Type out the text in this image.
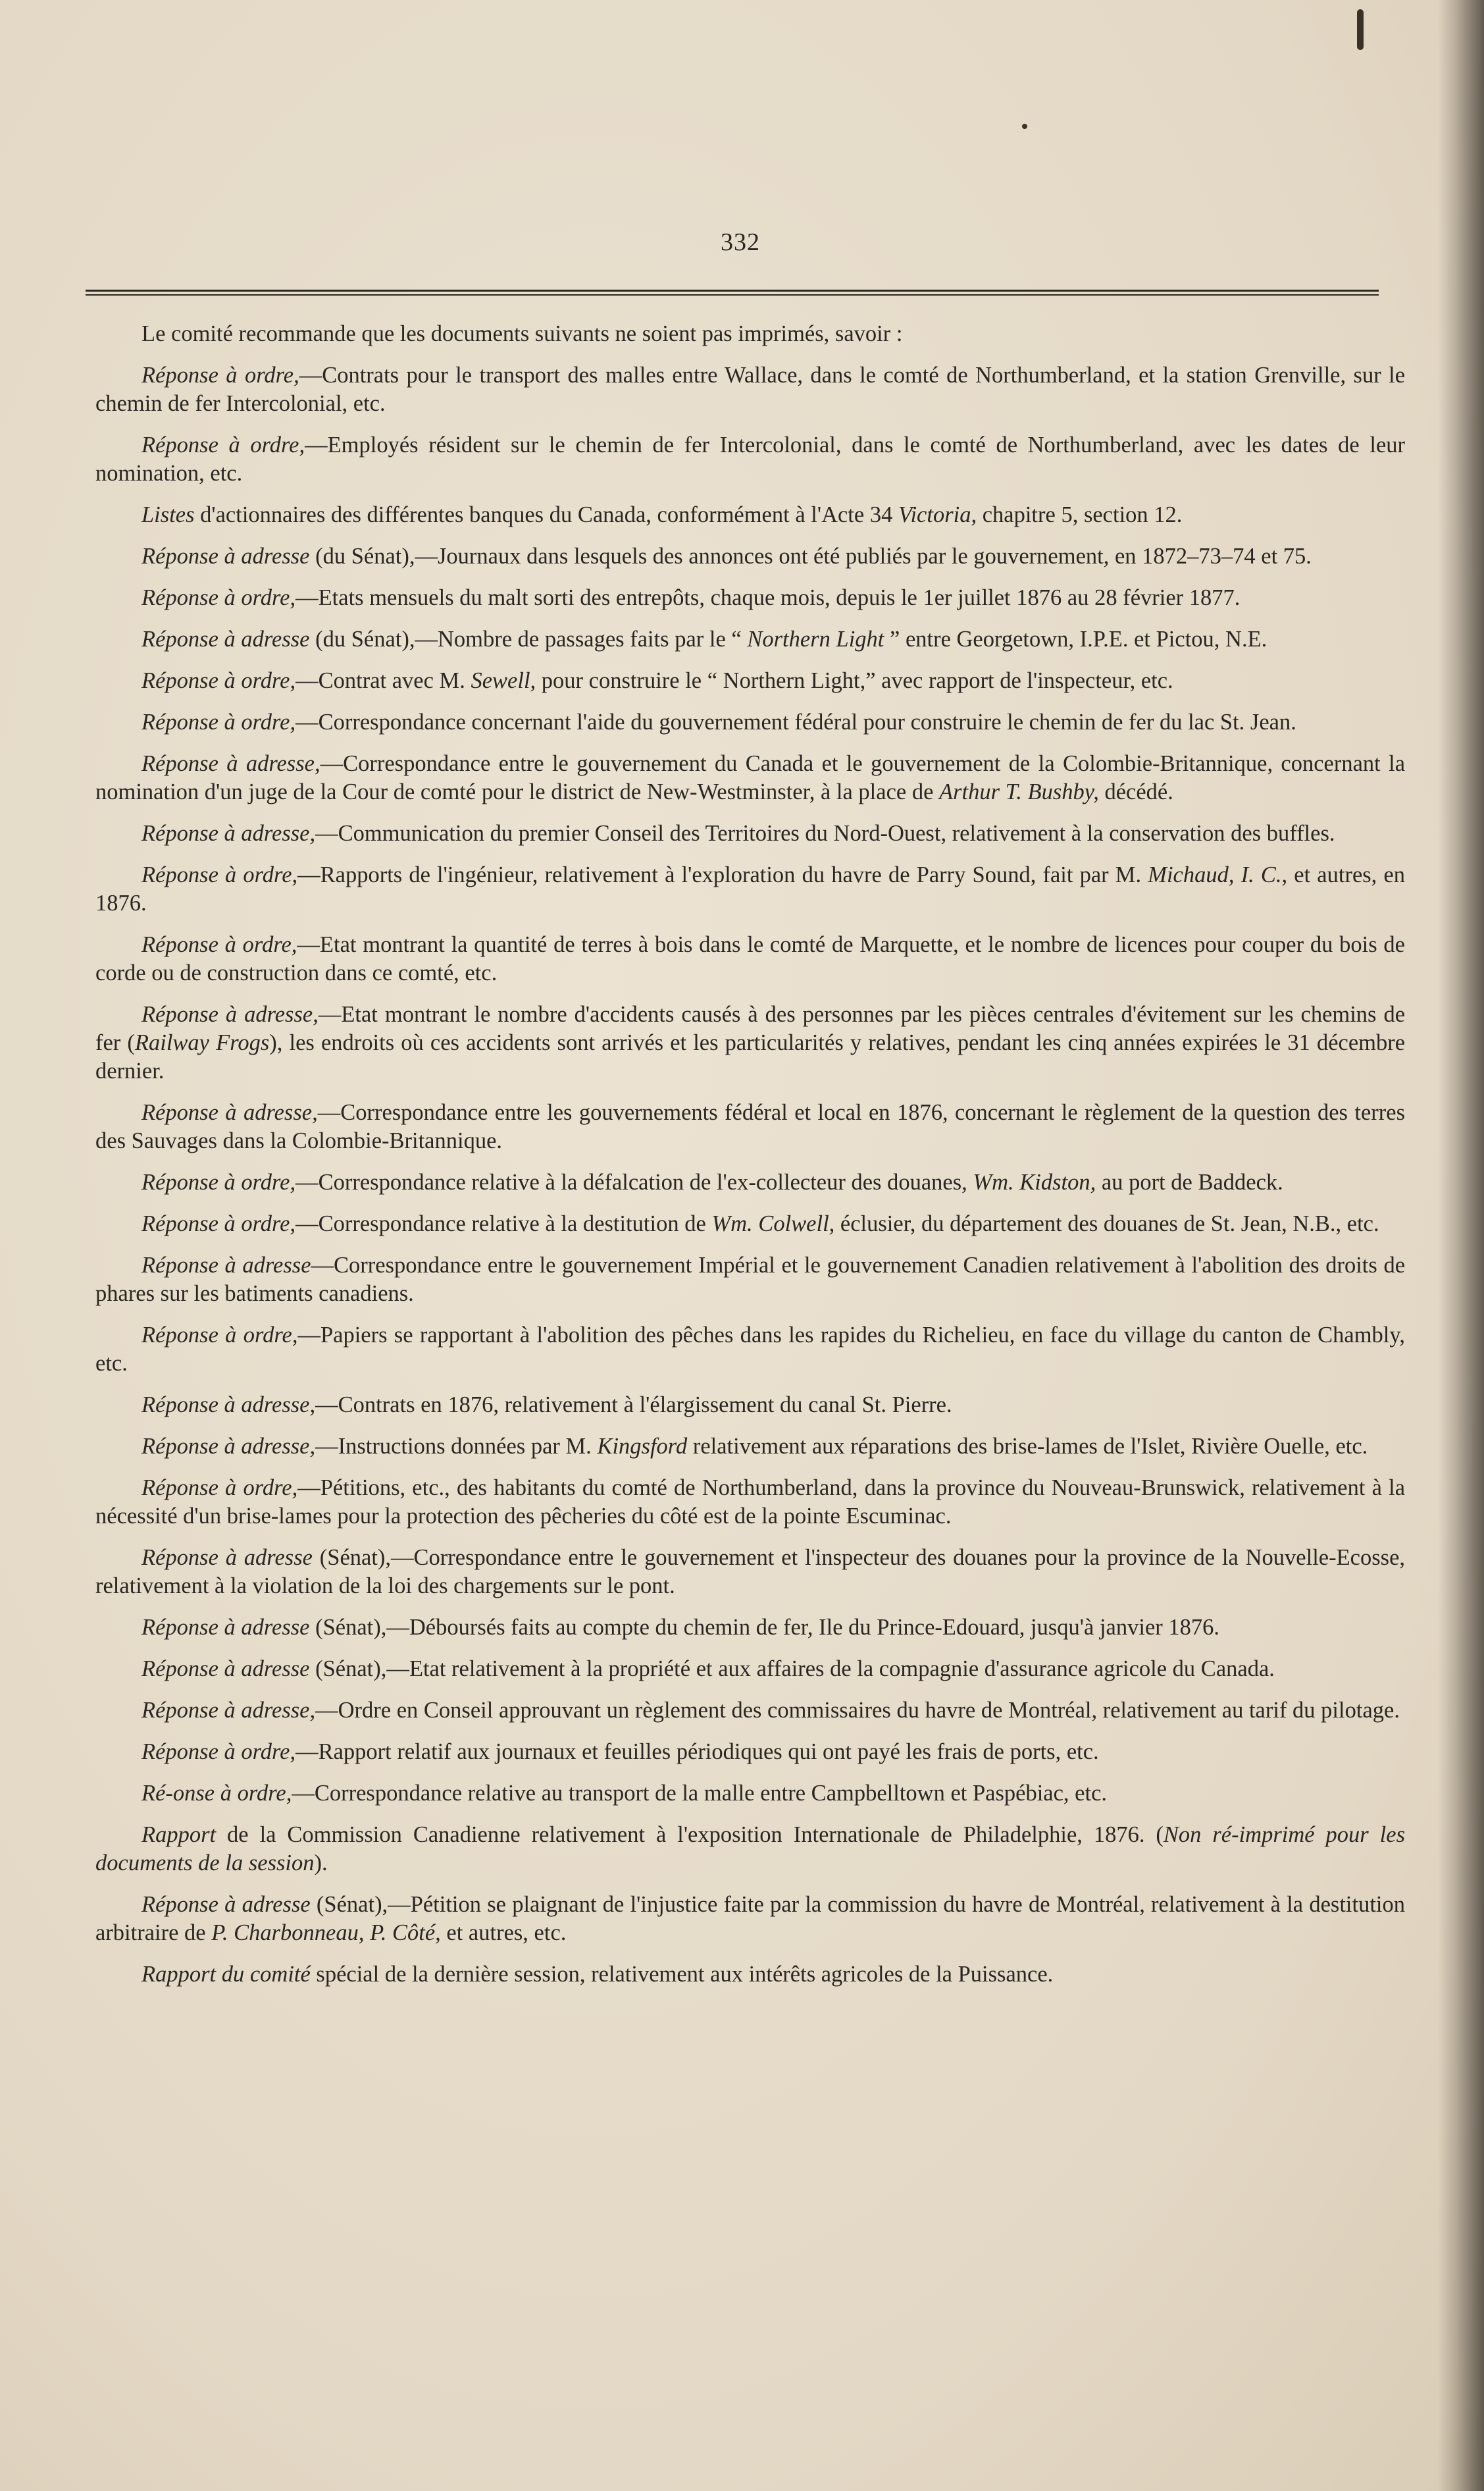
332

Le comité recommande que les documents suivants ne soient pas imprimés, savoir :

Réponse à ordre,—Contrats pour le transport des malles entre Wallace, dans le comté de Northumberland, et la station Grenville, sur le chemin de fer Intercolonial, etc.

Réponse à ordre,—Employés résident sur le chemin de fer Intercolonial, dans le comté de Northumberland, avec les dates de leur nomination, etc.

Listes d'actionnaires des différentes banques du Canada, conformément à l'Acte 34 Victoria, chapitre 5, section 12.

Réponse à adresse (du Sénat),—Journaux dans lesquels des annonces ont été publiés par le gouvernement, en 1872–73–74 et 75.

Réponse à ordre,—Etats mensuels du malt sorti des entrepôts, chaque mois, depuis le 1er juillet 1876 au 28 février 1877.

Réponse à adresse (du Sénat),—Nombre de passages faits par le “ Northern Light ” entre Georgetown, I.P.E. et Pictou, N.E.

Réponse à ordre,—Contrat avec M. Sewell, pour construire le “ Northern Light,” avec rapport de l'inspecteur, etc.

Réponse à ordre,—Correspondance concernant l'aide du gouvernement fédéral pour construire le chemin de fer du lac St. Jean.

Réponse à adresse,—Correspondance entre le gouvernement du Canada et le gouvernement de la Colombie-Britannique, concernant la nomination d'un juge de la Cour de comté pour le district de New-Westminster, à la place de Arthur T. Bushby, décédé.

Réponse à adresse,—Communication du premier Conseil des Territoires du Nord-Ouest, relativement à la conservation des buffles.

Réponse à ordre,—Rapports de l'ingénieur, relativement à l'exploration du havre de Parry Sound, fait par M. Michaud, I. C., et autres, en 1876.

Réponse à ordre,—Etat montrant la quantité de terres à bois dans le comté de Marquette, et le nombre de licences pour couper du bois de corde ou de construction dans ce comté, etc.

Réponse à adresse,—Etat montrant le nombre d'accidents causés à des personnes par les pièces centrales d'évitement sur les chemins de fer (Railway Frogs), les endroits où ces accidents sont arrivés et les particularités y relatives, pendant les cinq années expirées le 31 décembre dernier.

Réponse à adresse,—Correspondance entre les gouvernements fédéral et local en 1876, concernant le règlement de la question des terres des Sauvages dans la Colombie-Britannique.

Réponse à ordre,—Correspondance relative à la défalcation de l'ex-collecteur des douanes, Wm. Kidston, au port de Baddeck.

Réponse à ordre,—Correspondance relative à la destitution de Wm. Colwell, éclusier, du département des douanes de St. Jean, N.B., etc.

Réponse à adresse—Correspondance entre le gouvernement Impérial et le gouvernement Canadien relativement à l'abolition des droits de phares sur les batiments canadiens.

Réponse à ordre,—Papiers se rapportant à l'abolition des pêches dans les rapides du Richelieu, en face du village du canton de Chambly, etc.

Réponse à adresse,—Contrats en 1876, relativement à l'élargissement du canal St. Pierre.

Réponse à adresse,—Instructions données par M. Kingsford relativement aux réparations des brise-lames de l'Islet, Rivière Ouelle, etc.

Réponse à ordre,—Pétitions, etc., des habitants du comté de Northumberland, dans la province du Nouveau-Brunswick, relativement à la nécessité d'un brise-lames pour la protection des pêcheries du côté est de la pointe Escuminac.

Réponse à adresse (Sénat),—Correspondance entre le gouvernement et l'inspecteur des douanes pour la province de la Nouvelle-Ecosse, relativement à la violation de la loi des chargements sur le pont.

Réponse à adresse (Sénat),—Déboursés faits au compte du chemin de fer, Ile du Prince-Edouard, jusqu'à janvier 1876.

Réponse à adresse (Sénat),—Etat relativement à la propriété et aux affaires de la compagnie d'assurance agricole du Canada.

Réponse à adresse,—Ordre en Conseil approuvant un règlement des commissaires du havre de Montréal, relativement au tarif du pilotage.

Réponse à ordre,—Rapport relatif aux journaux et feuilles périodiques qui ont payé les frais de ports, etc.

Ré-onse à ordre,—Correspondance relative au transport de la malle entre Campbelltown et Paspébiac, etc.

Rapport de la Commission Canadienne relativement à l'exposition Internationale de Philadelphie, 1876. (Non ré-imprimé pour les documents de la session).

Réponse à adresse (Sénat),—Pétition se plaignant de l'injustice faite par la commission du havre de Montréal, relativement à la destitution arbitraire de P. Charbonneau, P. Côté, et autres, etc.

Rapport du comité spécial de la dernière session, relativement aux intérêts agricoles de la Puissance.
